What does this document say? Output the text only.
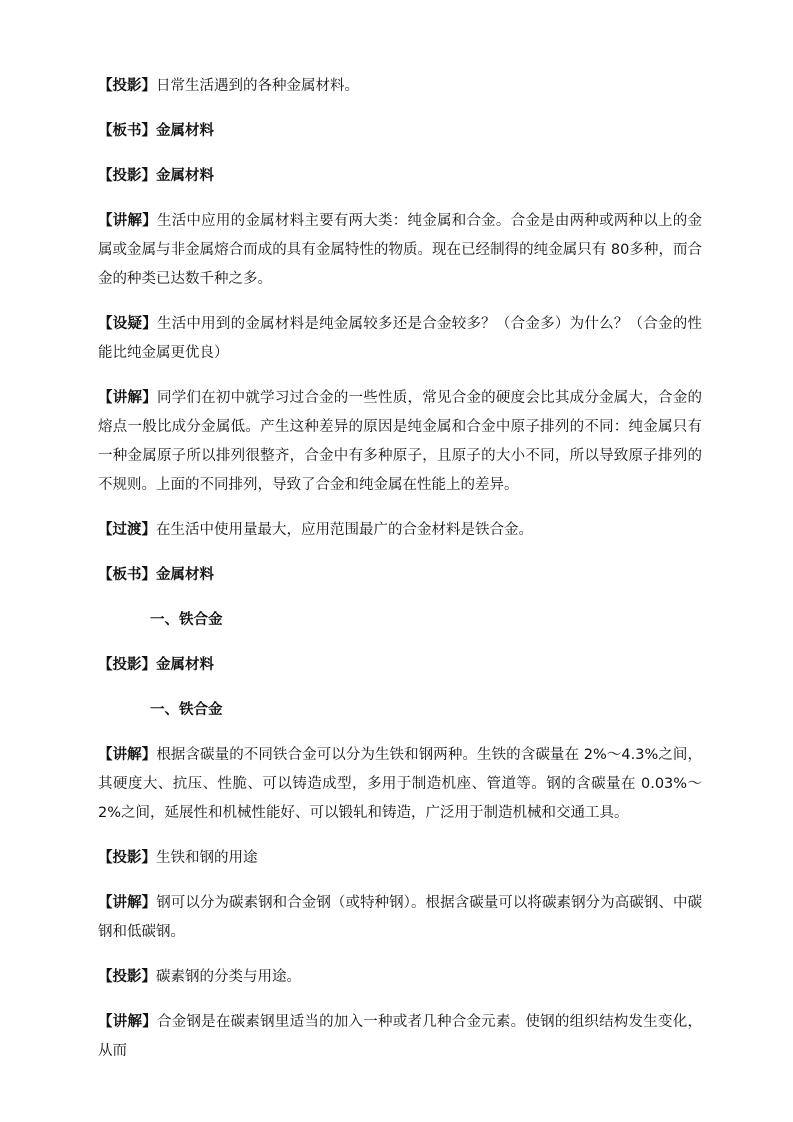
【投影】日常生活遇到的各种金属材料。

【板书】金属材料

【投影】金属材料

【讲解】生活中应用的金属材料主要有两大类：纯金属和合金。合金是由两种或两种以上的金属或金属与非金属熔合而成的具有金属特性的物质。现在已经制得的纯金属只有 80多种，而合金的种类已达数千种之多。

【设疑】生活中用到的金属材料是纯金属较多还是合金较多？（合金多）为什么？（合金的性能比纯金属更优良）

【讲解】同学们在初中就学习过合金的一些性质，常见合金的硬度会比其成分金属大，合金的熔点一般比成分金属低。产生这种差异的原因是纯金属和合金中原子排列的不同：纯金属只有一种金属原子所以排列很整齐，合金中有多种原子，且原子的大小不同，所以导致原子排列的不规则。上面的不同排列，导致了合金和纯金属在性能上的差异。

【过渡】在生活中使用量最大，应用范围最广的合金材料是铁合金。

【板书】金属材料

一、铁合金

【投影】金属材料

一、铁合金

【讲解】根据含碳量的不同铁合金可以分为生铁和钢两种。生铁的含碳量在 2%～4.3%之间，其硬度大、抗压、性脆、可以铸造成型，多用于制造机座、管道等。钢的含碳量在 0.03%～2%之间，延展性和机械性能好、可以锻轧和铸造，广泛用于制造机械和交通工具。

【投影】生铁和钢的用途

【讲解】钢可以分为碳素钢和合金钢（或特种钢）。根据含碳量可以将碳素钢分为高碳钢、中碳钢和低碳钢。

【投影】碳素钢的分类与用途。

【讲解】合金钢是在碳素钢里适当的加入一种或者几种合金元素。使钢的组织结构发生变化，从而
